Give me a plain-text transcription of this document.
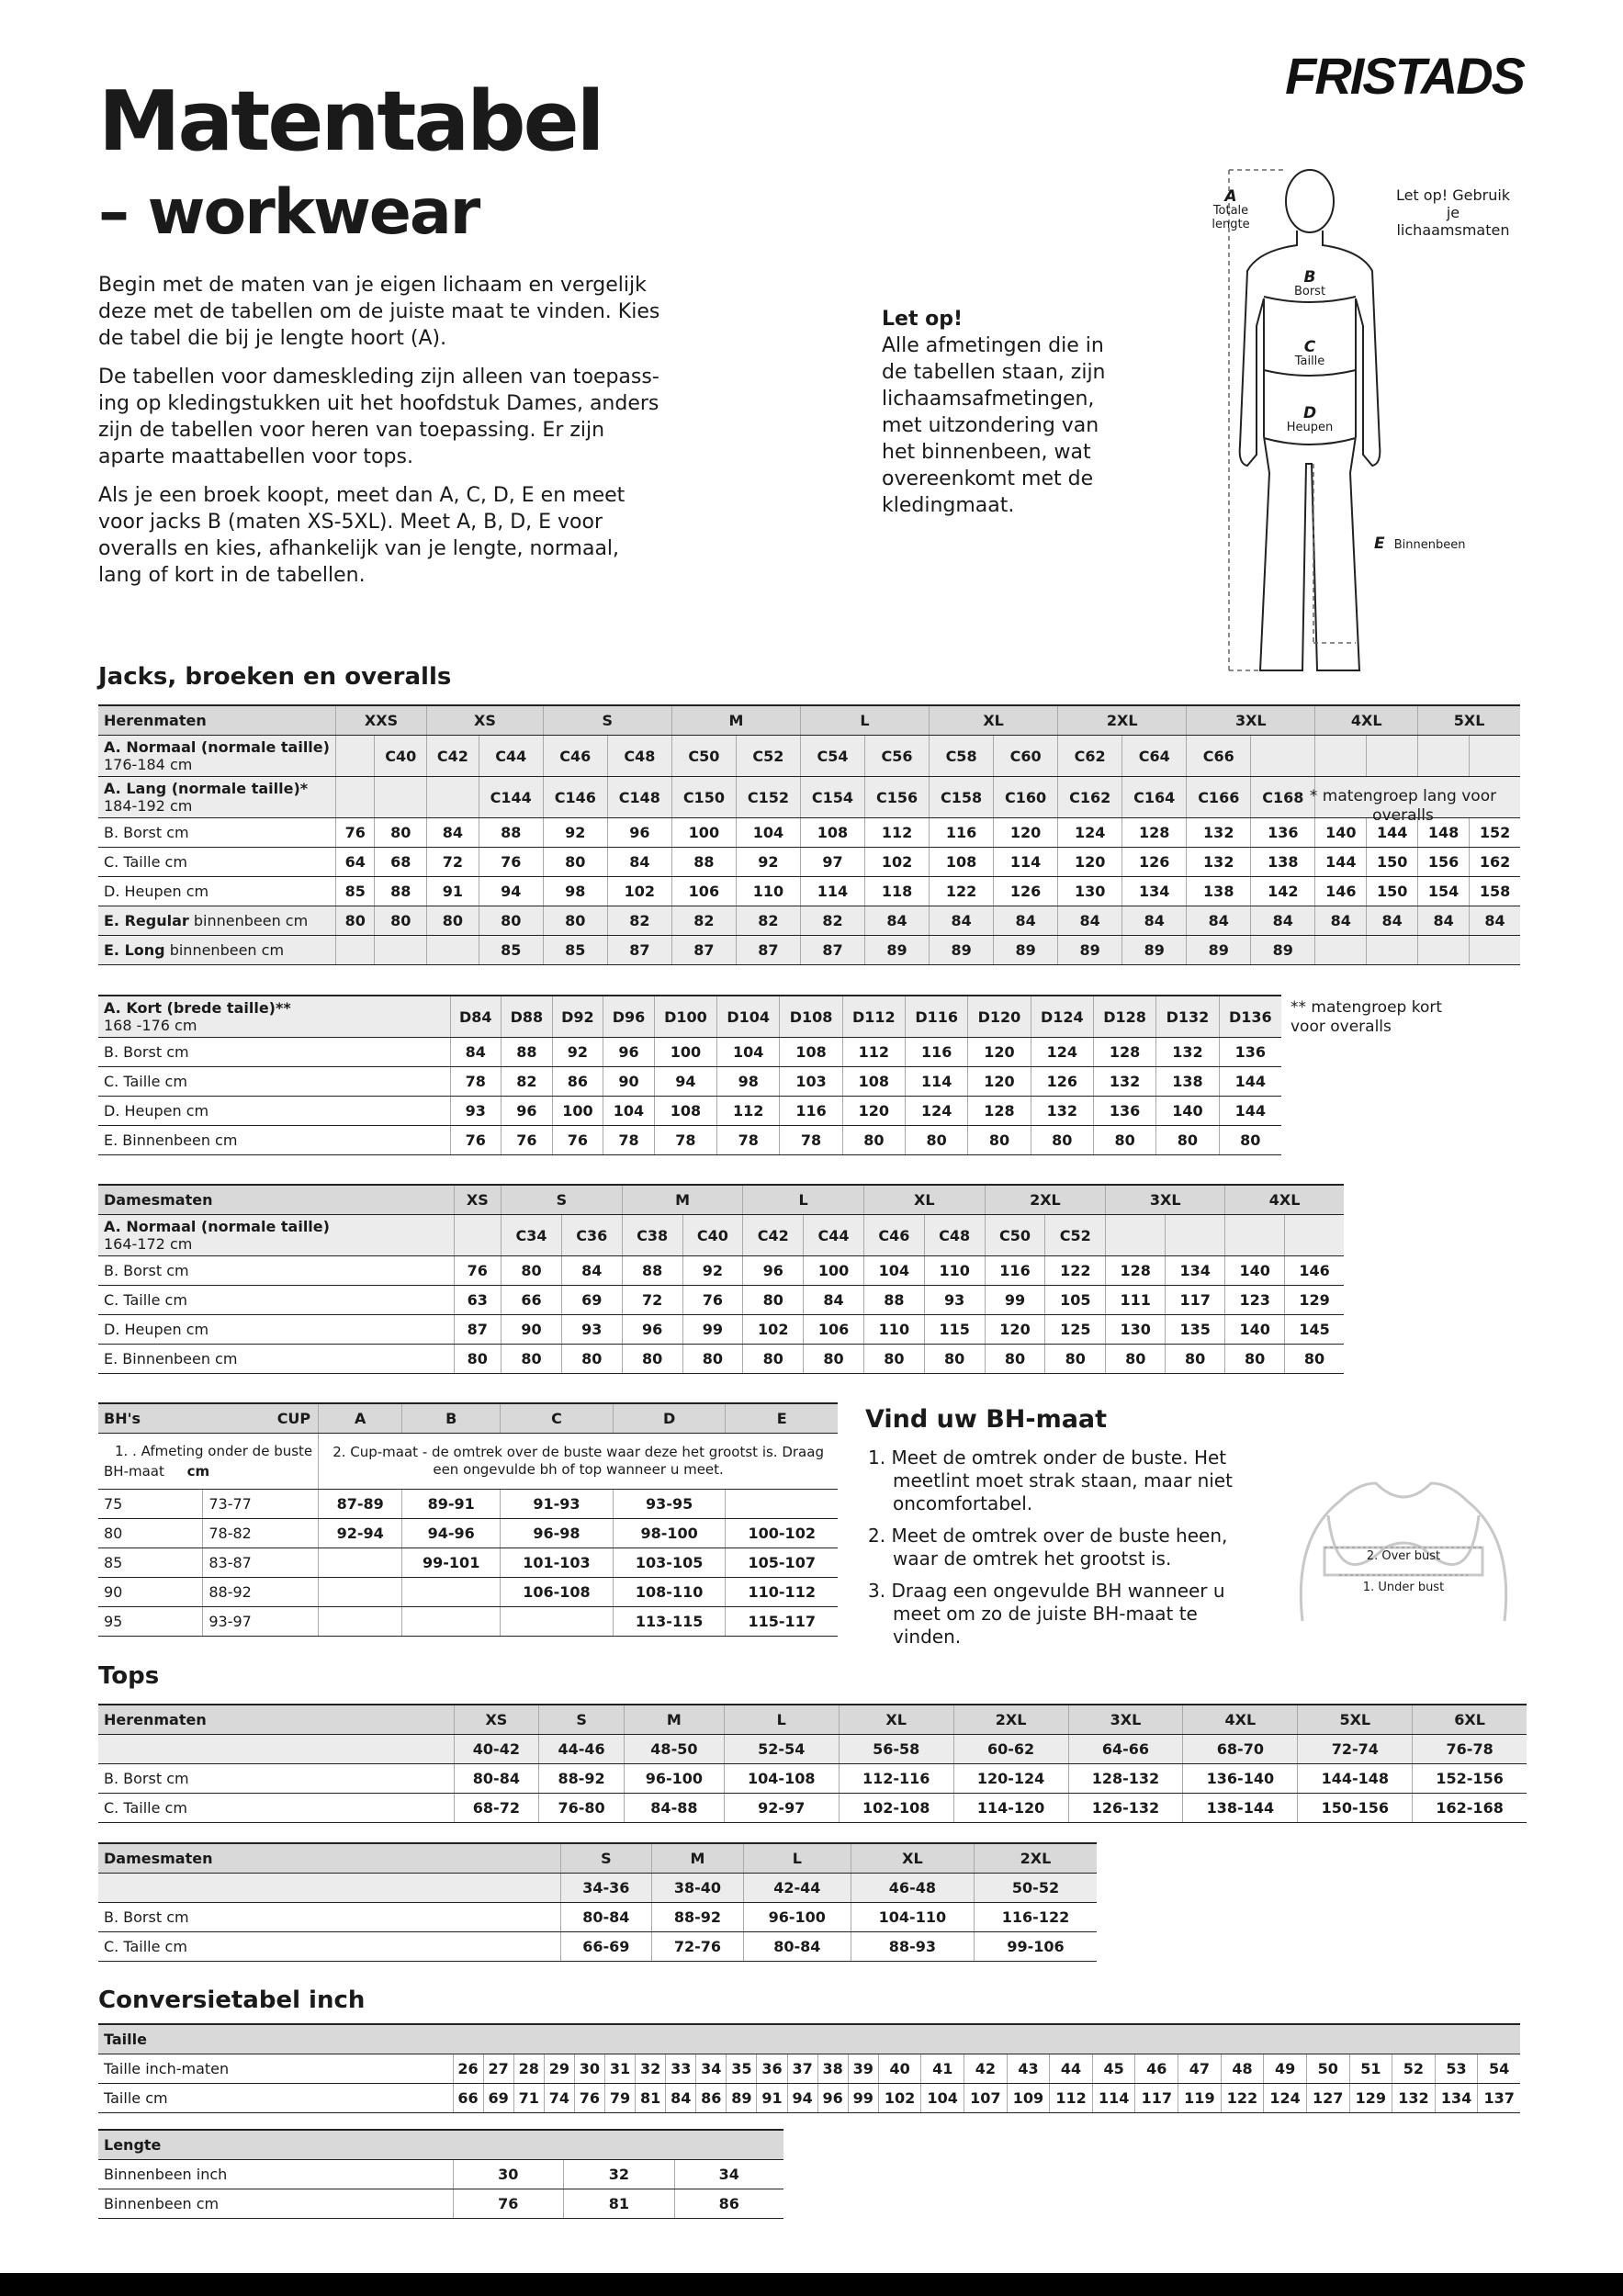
FRISTADS
Matentabel
– workwear

Begin met de maten van je eigen lichaam en vergelijk deze met de tabellen om de juiste maat te vinden. Kies de tabel die bij je lengte hoort (A).

De tabellen voor dameskleding zijn alleen van toepass-ing op kledingstukken uit het hoofdstuk Dames, anders zijn de tabellen voor heren van toepassing. Er zijn aparte maattabellen voor tops.

Als je een broek koopt, meet dan A, C, D, E en meet voor jacks B (maten XS-5XL). Meet A, B, D, E voor overalls en kies, afhankelijk van je lengte, normaal, lang of kort in de tabellen.

Let op!
Alle afmetingen die in de tabellen staan, zijn lichaamsafmetingen, met uitzondering van het binnenbeen, wat overeenkomt met de kledingmaat.
A
Totale lengte
B
Borst
C
Taille
D
Heupen
E Binnenbeen
Let op! Gebruik je lichaamsmaten
Jacks, broeken en overalls
Herenmaten	XXS		XS		S		M		L		XL		2XL		3XL		4XL		5XL	
A. Normaal (normale taille)
176-184 cm		C40	C42	C44	C46	C48	C50	C52	C54	C56	C58	C60	C62	C64	C66					
A. Lang (normale taille)*
184-192 cm				C144	C146	C148	C150	C152	C154	C156	C158	C160	C162	C164	C166	C168				
B. Borst cm	76	80	84	88	92	96	100	104	108	112	116	120	124	128	132	136	140	144	148	152
C. Taille cm	64	68	72	76	80	84	88	92	97	102	108	114	120	126	132	138	144	150	156	162
D. Heupen cm	85	88	91	94	98	102	106	110	114	118	122	126	130	134	138	142	146	150	154	158
E. Regular binnenbeen cm	80	80	80	80	80	82	82	82	82	84	84	84	84	84	84	84	84	84	84	84
E. Long binnenbeen cm				85	85	87	87	87	87	89	89	89	89	89	89	89				
A. Kort (brede taille)**
168 -176 cm	D84	D88	D92	D96	D100	D104	D108	D112	D116	D120	D124	D128	D132	D136
B. Borst cm	84	88	92	96	100	104	108	112	116	120	124	128	132	136
C. Taille cm	78	82	86	90	94	98	103	108	114	120	126	132	138	144
D. Heupen cm	93	96	100	104	108	112	116	120	124	128	132	136	140	144
E. Binnenbeen cm	76	76	76	78	78	78	78	80	80	80	80	80	80	80
** matengroep kort voor overalls
* matengroep lang voor overalls
Damesmaten	XS	S		M		L		XL		2XL		3XL		4XL	
A. Normaal (normale taille)
164-172 cm		C34	C36	C38	C40	C42	C44	C46	C48	C50	C52				
B. Borst cm	76	80	84	88	92	96	100	104	110	116	122	128	134	140	146
C. Taille cm	63	66	69	72	76	80	84	88	93	99	105	111	117	123	129
D. Heupen cm	87	90	93	96	99	102	106	110	115	120	125	130	135	140	145
E. Binnenbeen cm	80	80	80	80	80	80	80	80	80	80	80	80	80	80	80
BH's CUP		A	B	C	D	E
1. . Afmeting onder de buste
BH-maat cm		2. Cup-maat - de omtrek over de buste waar deze het grootst is. Draag een ongevulde bh of top wanneer u meet.				
75	73-77	87-89	89-91	91-93	93-95	
80	78-82	92-94	94-96	96-98	98-100	100-102
85	83-87		99-101	101-103	103-105	105-107
90	88-92			106-108	108-110	110-112
95	93-97				113-115	115-117
Vind uw BH-maat
1. Meet de omtrek onder de buste. Het meetlint moet strak staan, maar niet oncomfortabel.
2. Meet de omtrek over de buste heen, waar de omtrek het grootst is.
3. Draag een ongevulde BH wanneer u meet om zo de juiste BH-maat te vinden.
2. Over bust
1. Under bust
Tops
Herenmaten	XS	S	M	L	XL	2XL	3XL	4XL	5XL	6XL
	40-42	44-46	48-50	52-54	56-58	60-62	64-66	68-70	72-74	76-78
B. Borst cm	80-84	88-92	96-100	104-108	112-116	120-124	128-132	136-140	144-148	152-156
C. Taille cm	68-72	76-80	84-88	92-97	102-108	114-120	126-132	138-144	150-156	162-168
Damesmaten	S	M	L	XL	2XL
	34-36	38-40	42-44	46-48	50-52
B. Borst cm	80-84	88-92	96-100	104-110	116-122
C. Taille cm	66-69	72-76	80-84	88-93	99-106
Conversietabel inch
Taille																													
Taille inch-maten	26	27	28	29	30	31	32	33	34	35	36	37	38	39	40	41	42	43	44	45	46	47	48	49	50	51	52	53	54
Taille cm	66	69	71	74	76	79	81	84	86	89	91	94	96	99	102	104	107	109	112	114	117	119	122	124	127	129	132	134	137
Lengte			
Binnenbeen inch	30	32	34
Binnenbeen cm	76	81	86
